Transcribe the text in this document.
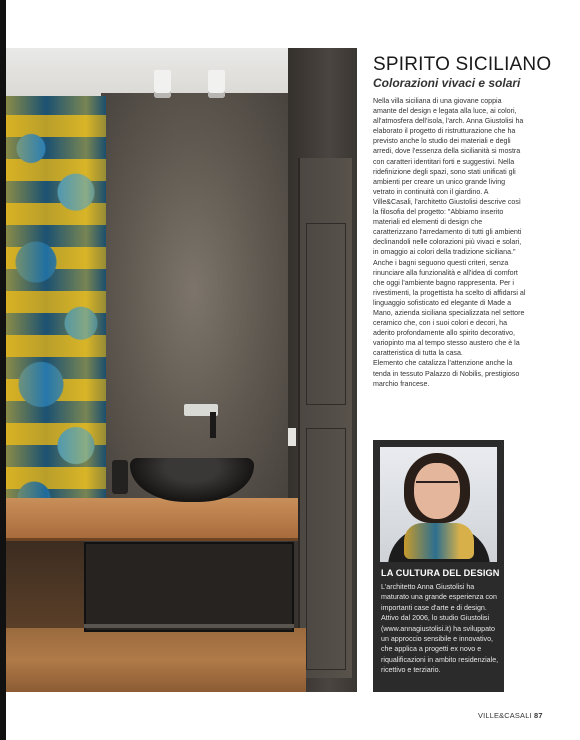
SPIRITO SICILIANO
Colorazioni vivaci e solari

Nella villa siciliana di una giovane coppia amante del design e legata alla luce, ai colori, all'atmosfera dell'isola, l'arch. Anna Giustolisi ha elaborato il progetto di ristrutturazione che ha previsto anche lo studio dei materiali e degli arredi, dove l'essenza della sicilianità si mostra con caratteri identitari forti e suggestivi. Nella ridefinizione degli spazi, sono stati unificati gli ambienti per creare un unico grande living vetrato in continuità con il giardino. A Ville&Casali, l'architetto Giustolisi descrive così la filosofia del progetto: "Abbiamo inserito materiali ed elementi di design che caratterizzano l'arredamento di tutti gli ambienti declinandoli nelle colorazioni più vivaci e solari, in omaggio ai colori della tradizione siciliana." Anche i bagni seguono questi criteri, senza rinunciare alla funzionalità e all'idea di comfort che oggi l'ambiente bagno rappresenta. Per i rivestimenti, la progettista ha scelto di affidarsi al linguaggio sofisticato ed elegante di Made a Mano, azienda siciliana specializzata nel settore ceramico che, con i suoi colori e decori, ha aderito profondamente allo spirito decorativo, variopinto ma al tempo stesso austero che è la caratteristica di tutta la casa.

Elemento che catalizza l'attenzione anche la tenda in tessuto Palazzo di Nobilis, prestigioso marchio francese.

LA CULTURA DEL DESIGN

L'architetto Anna Giustolisi ha maturato una grande esperienza con importanti case d'arte e di design. Attivo dal 2006, lo studio Giustolisi (www.annagiustolisi.it) ha sviluppato un approccio sensibile e innovativo, che applica a progetti ex novo e riqualificazioni in ambito residenziale, ricettivo e terziario.

VILLE&CASALI 87
